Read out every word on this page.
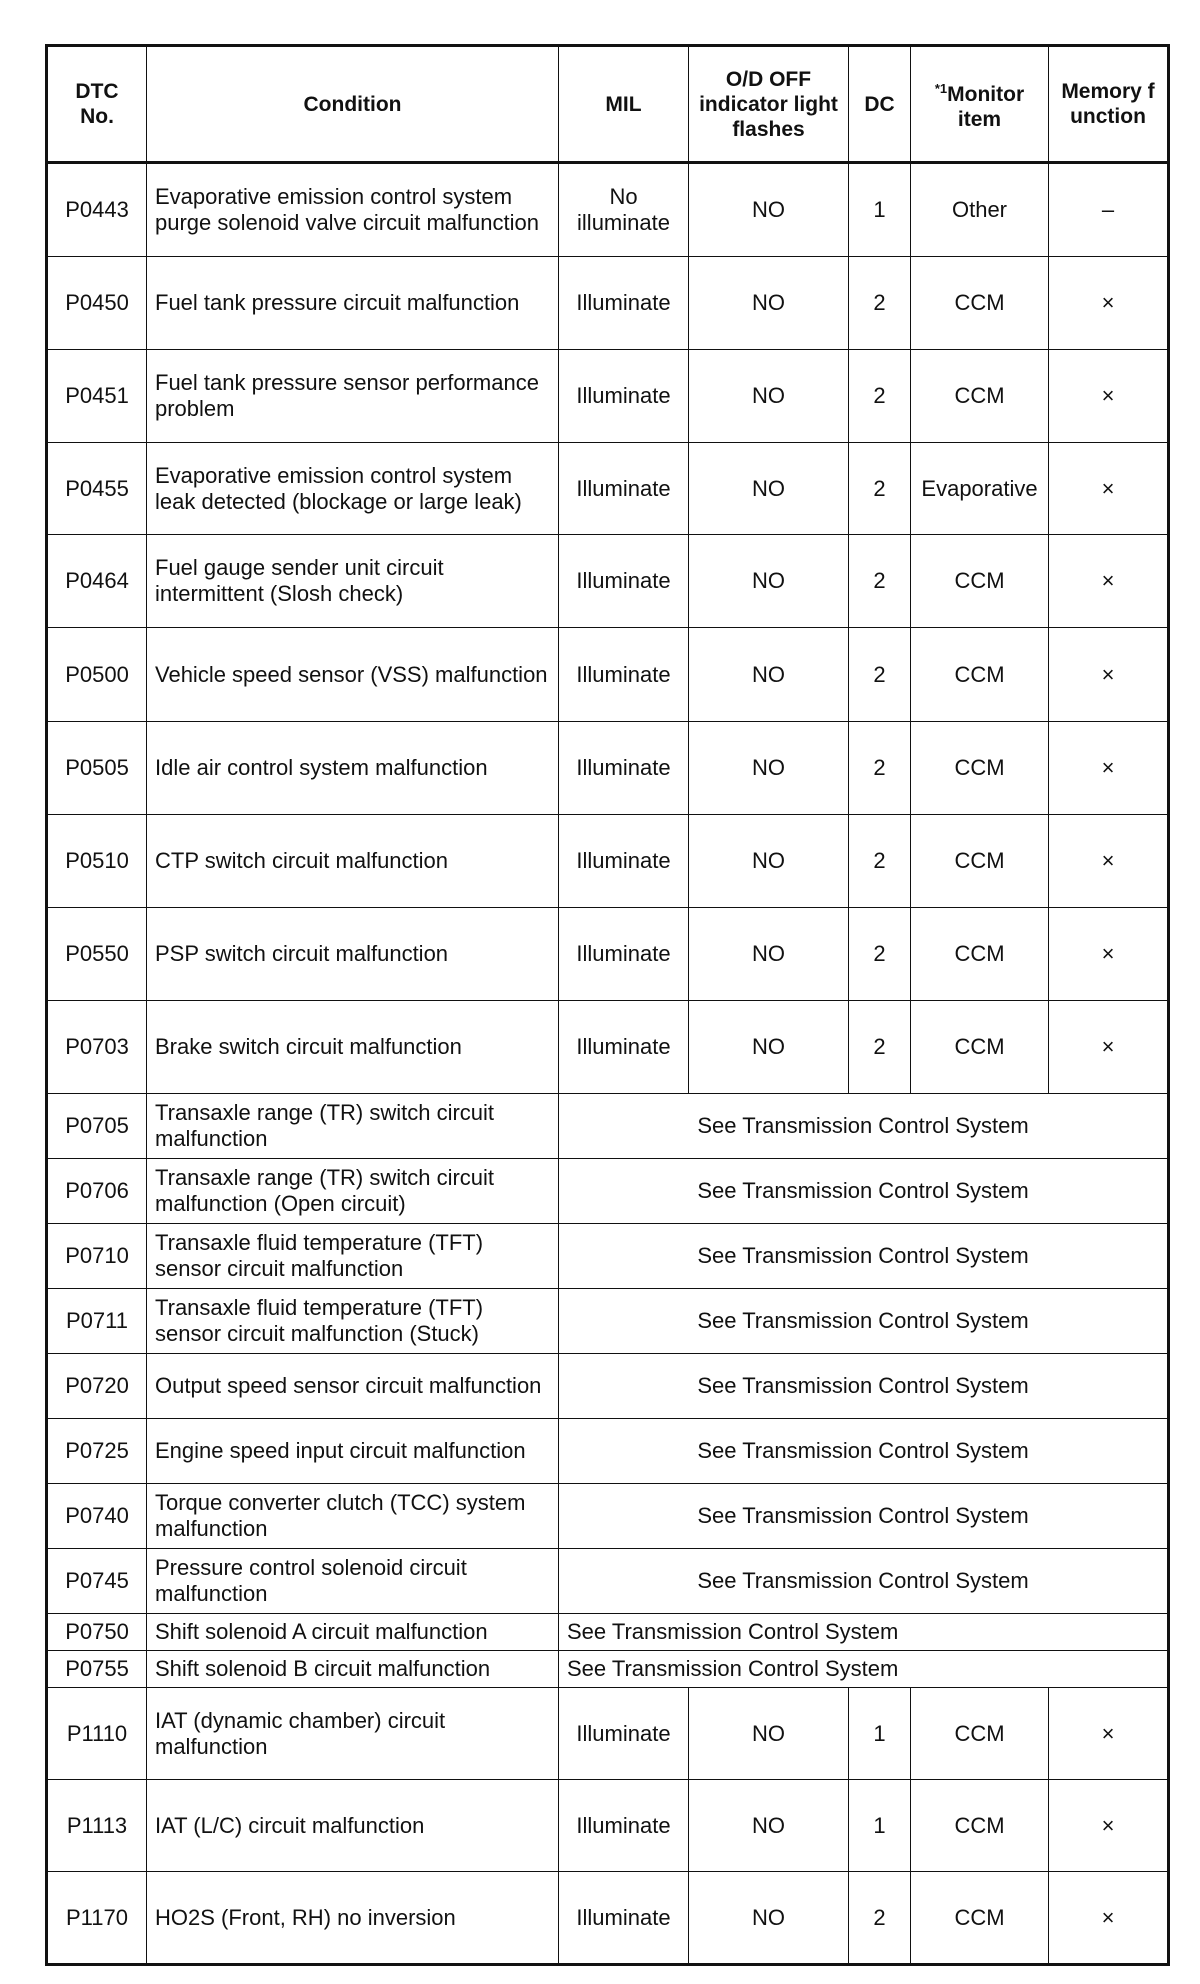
DTC No.	Condition	MIL	O/D OFF indicator light flashes	DC	$^{*1}$Monitor item	Memory function

P0443	Evaporative emission control system purge solenoid valve circuit malfunction	No illuminate	NO	1	Other	–
P0450	Fuel tank pressure circuit malfunction	Illuminate	NO	2	CCM	×
P0451	Fuel tank pressure sensor performance problem	Illuminate	NO	2	CCM	×
P0455	Evaporative emission control system leak detected (blockage or large leak)	Illuminate	NO	2	Evaporative	×
P0464	Fuel gauge sender unit circuit intermittent (Slosh check)	Illuminate	NO	2	CCM	×
P0500	Vehicle speed sensor (VSS) malfunction	Illuminate	NO	2	CCM	×
P0505	Idle air control system malfunction	Illuminate	NO	2	CCM	×
P0510	CTP switch circuit malfunction	Illuminate	NO	2	CCM	×
P0550	PSP switch circuit malfunction	Illuminate	NO	2	CCM	×
P0703	Brake switch circuit malfunction	Illuminate	NO	2	CCM	×
P0705	Transaxle range (TR) switch circuit malfunction	See Transmission Control System				
P0706	Transaxle range (TR) switch circuit malfunction (Open circuit)	See Transmission Control System				
P0710	Transaxle fluid temperature (TFT) sensor circuit malfunction	See Transmission Control System				
P0711	Transaxle fluid temperature (TFT) sensor circuit malfunction (Stuck)	See Transmission Control System				
P0720	Output speed sensor circuit malfunction	See Transmission Control System				
P0725	Engine speed input circuit malfunction	See Transmission Control System				
P0740	Torque converter clutch (TCC) system malfunction	See Transmission Control System				
P0745	Pressure control solenoid circuit malfunction	See Transmission Control System				
P0750	Shift solenoid A circuit malfunction	See Transmission Control System				
P0755	Shift solenoid B circuit malfunction	See Transmission Control System				
P1110	IAT (dynamic chamber) circuit malfunction	Illuminate	NO	1	CCM	×
P1113	IAT (L/C) circuit malfunction	Illuminate	NO	1	CCM	×
P1170	HO2S (Front, RH) no inversion	Illuminate	NO	2	CCM	×
